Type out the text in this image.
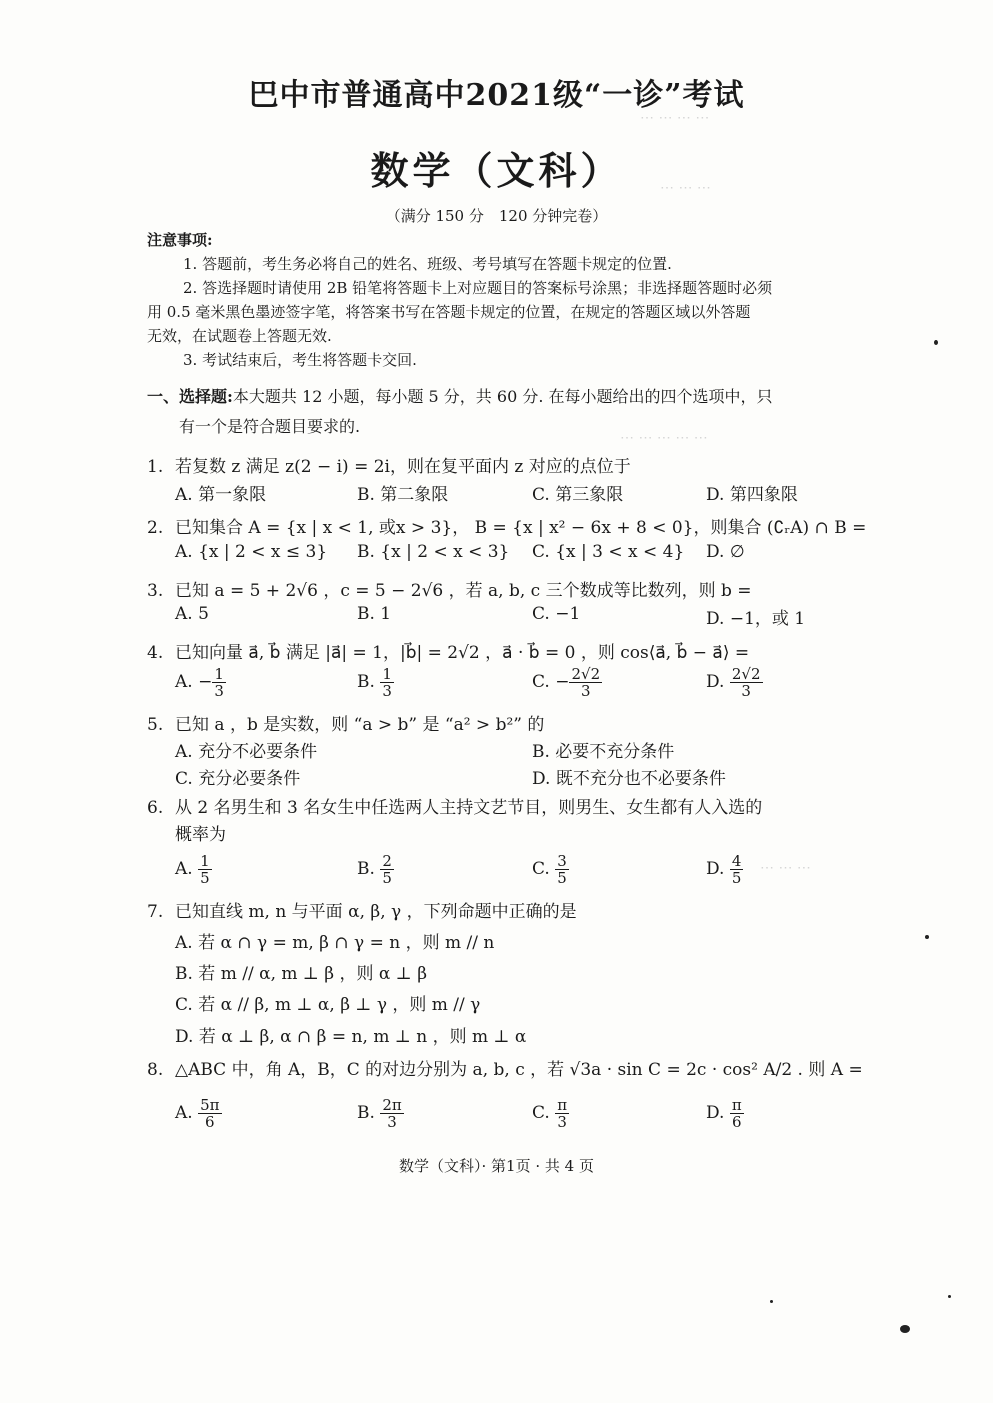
⋯ ⋯ ⋯ ⋯
⋯ ⋯ ⋯
⋯ ⋯ ⋯ ⋯ ⋯
⋯ ⋯ ⋯
巴中市普通高中2021级“一诊”考试
数学（文科）
（满分 150 分　120 分钟完卷）

注意事项:

1. 答题前，考生务必将自己的姓名、班级、考号填写在答题卡规定的位置.

2. 答选择题时请使用 2B 铅笔将答题卡上对应题目的答案标号涂黑；非选择题答题时必须

用 0.5 毫米黑色墨迹签字笔，将答案书写在答题卡规定的位置，在规定的答题区域以外答题

无效，在试题卷上答题无效.

3. 考试结束后，考生将答题卡交回.

一、选择题:本大题共 12 小题，每小题 5 分，共 60 分. 在每小题给出的四个选项中，只
有一个是符合题目要求的.
1. 若复数 z 满足 z(2 − i) = 2i，则在复平面内 z 对应的点位于
A. 第一象限	B. 第二象限	C. 第三象限	D. 第四象限
2. 已知集合 A = {x | x < 1, 或x > 3}， B = {x | x² − 6x + 8 < 0}，则集合 (∁ᵣA) ∩ B =
A. {x | 2 < x ≤ 3} B. {x | 2 < x < 3} C. {x | 3 < x < 4} D. ∅
3. 已知 a = 5 + 2√6 ，c = 5 − 2√6 ，若 a, b, c 三个数成等比数列，则 b =
A. 5	B. 1	C. −1	D. −1，或 1
4. 已知向量 a⃗, b⃗ 满足 |a⃗| = 1，|b⃗| = 2√2 ，a⃗ · b⃗ = 0 ，则 cos⟨a⃗, b⃗ − a⃗⟩ =
A. − $\frac{1}{3}$	B. $\frac{1}{3}$	C. − $\frac{2√2}{3}$	D. $\frac{2√2}{3}$
5. 已知 a ，b 是实数，则 “a > b” 是 “a² > b²” 的
A. 充分不必要条件	B. 必要不充分条件
C. 充分必要条件	D. 既不充分也不必要条件
6. 从 2 名男生和 3 名女生中任选两人主持文艺节目，则男生、女生都有人入选的
概率为
A. $\frac{1}{5}$	B. $\frac{2}{5}$	C. $\frac{3}{5}$	D. $\frac{4}{5}$
7. 已知直线 m, n 与平面 α, β, γ ，下列命题中正确的是
A. 若 α ∩ γ = m, β ∩ γ = n ，则 m // n
B. 若 m // α, m ⊥ β ，则 α ⊥ β
C. 若 α // β, m ⊥ α, β ⊥ γ ，则 m // γ
D. 若 α ⊥ β, α ∩ β = n, m ⊥ n ，则 m ⊥ α
8. △ABC 中，角 A，B，C 的对边分别为 a, b, c ，若 √3a · sin C = 2c · cos² A/2 . 则 A =
A. $\frac{5\pi}{6}$	B. $\frac{2\pi}{3}$	C. $\frac{\pi}{3}$	D. $\frac{\pi}{6}$
数学（文科）· 第1页 · 共 4 页
